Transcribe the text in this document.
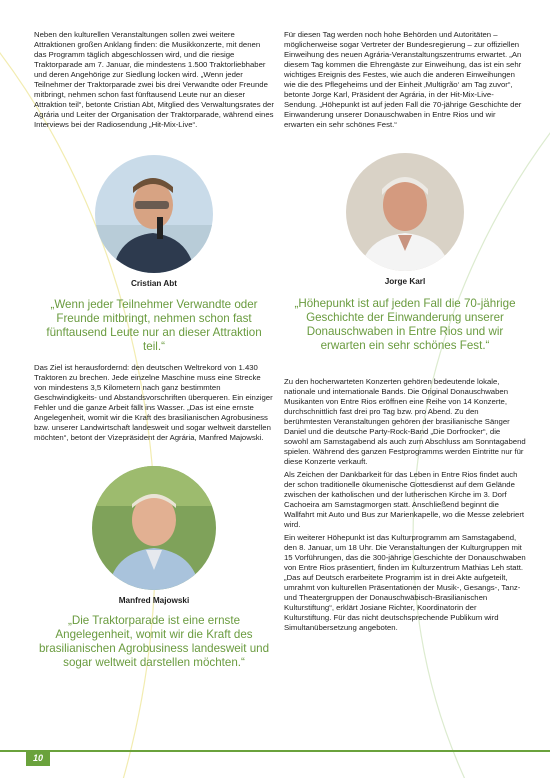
Neben den kulturellen Veranstaltungen sollen zwei weitere Attraktionen großen Anklang finden: die Musikkonzerte, mit denen das Programm täglich abgeschlossen wird, und die riesige Traktorparade am 7. Januar, die mindestens 1.500 Traktorliebhaber und deren Angehörige zur Siedlung locken wird. „Wenn jeder Teilnehmer der Traktorparade zwei bis drei Verwandte oder Freunde mitbringt, nehmen schon fast fünftausend Leute nur an dieser Attraktion teil“, betonte Cristian Abt, Mitglied des Verwaltungsrates der Agrária und Leiter der Organisation der Traktorparade, während eines Interviews bei der Radiosendung „Hit-Mix-Live“.

Cristian Abt
„Wenn jeder Teilnehmer Verwandte oder Freunde mitbringt, nehmen schon fast fünftausend Leute nur an dieser Attraktion teil.“

Das Ziel ist herausfordernd: den deutschen Weltrekord von 1.430 Traktoren zu brechen. Jede einzelne Maschine muss eine Strecke von mindestens 3,5 Kilometern nach ganz bestimmten Geschwindigkeits- und Abstandsvorschriften überqueren. Ein einziger Fehler und die ganze Arbeit fällt ins Wasser. „Das ist eine ernste Angelegenheit, womit wir die Kraft des brasilianischen Agrobusiness bzw. unserer Landwirtschaft landesweit und sogar weltweit darstellen möchten“, betont der Vizepräsident der Agrária, Manfred Majowski.

Manfred Majowski
„Die Traktorparade ist eine ernste Angelegenheit, womit wir die Kraft des brasilianischen Agrobusiness landesweit und sogar weltweit darstellen möchten.“

Für diesen Tag werden noch hohe Behörden und Autoritäten – möglicherweise sogar Vertreter der Bundesregierung – zur offiziellen Einweihung des neuen Agrária-Veranstaltungszentrums erwartet. „An diesem Tag kommen die Ehrengäste zur Einweihung, das ist ein sehr wichtiges Ereignis des Festes, wie auch die anderen Einweihungen wie die des Pflegeheims und der Einheit ‚Multigrão‘ am Tag zuvor“, betonte Jorge Karl, Präsident der Agrária, in der Hit-Mix-Live-Sendung. „Höhepunkt ist auf jeden Fall die 70-jährige Geschichte der Einwanderung unserer Donauschwaben in Entre Rios und wir erwarten ein sehr schönes Fest.“

Jorge Karl
„Höhepunkt ist auf jeden Fall die 70-jährige Geschichte der Einwanderung unserer Donauschwaben in Entre Rios und wir erwarten ein sehr schönes Fest.“

Zu den hocherwarteten Konzerten gehören bedeutende lokale, nationale und internationale Bands. Die Original Donauschwaben Musikanten von Entre Rios eröffnen eine Reihe von 14 Konzerte, durchschnittlich fast drei pro Tag bzw. pro Abend. Zu den berühmtesten Veranstaltungen gehören der brasilianische Sänger Daniel und die deutsche Party-Rock-Band „Die Dorfrocker“, die sowohl am Samstagabend als auch zum Abschluss am Sonntagabend spielen. Während des ganzen Festprogramms werden Eintritte nur für diese Konzerte verkauft.

Als Zeichen der Dankbarkeit für das Leben in Entre Rios findet auch der schon traditionelle ökumenische Gottesdienst auf dem Gelände zwischen der katholischen und der lutherischen Kirche im 3. Dorf Cachoeira am Samstagmorgen statt. Anschließend beginnt die Wallfahrt mit Auto und Bus zur Marienkapelle, wo die Messe zelebriert wird.

Ein weiterer Höhepunkt ist das Kulturprogramm am Samstagabend, den 8. Januar, um 18 Uhr. Die Veranstaltungen der Kulturgruppen mit 15 Vorführungen, das die 300-jährige Geschichte der Donauschwaben von Entre Rios präsentiert, finden im Kulturzentrum Mathias Leh statt. „Das auf Deutsch erarbeitete Programm ist in drei Akte aufgeteilt, umrahmt von kulturellen Präsentationen der Musik-, Gesangs-, Tanz- und Theatergruppen der Donauschwäbisch-Brasilianischen Kulturstiftung“, erklärt Josiane Richter, Koordinatorin der Kulturstiftung. Für das nicht deutschsprechende Publikum wird Simultanübersetzung angeboten.

10
